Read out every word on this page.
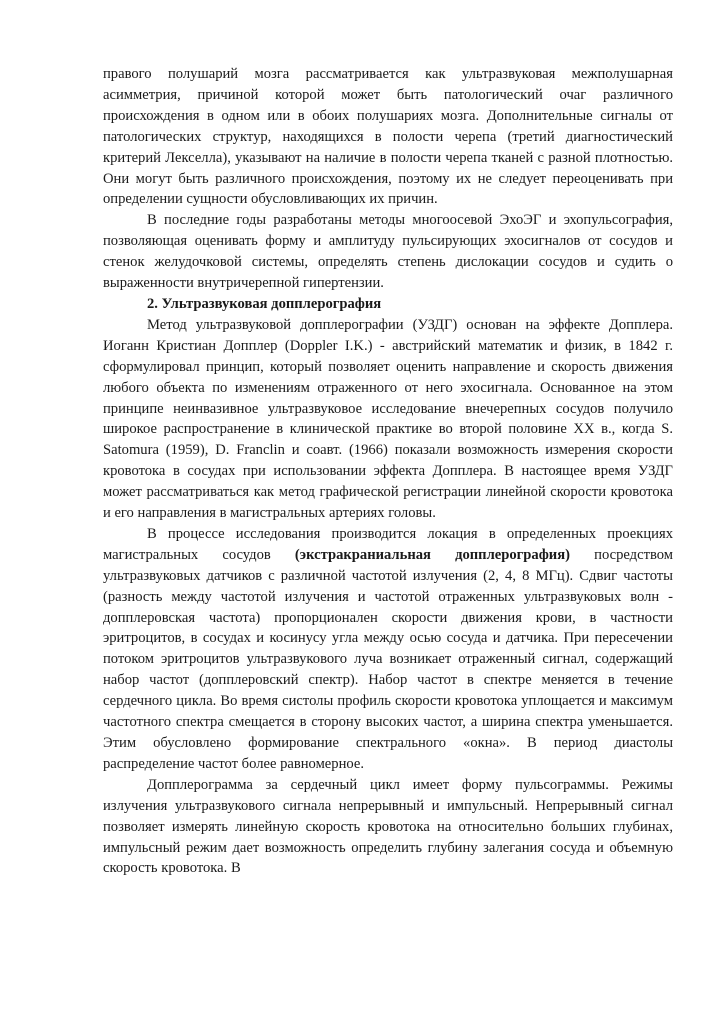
правого полушарий мозга рассматривается как ультразвуковая межполушарная асимметрия, причиной которой может быть патологический очаг различного происхождения в одном или в обоих полушариях мозга. Дополнительные сигналы от патологических структур, находящихся в полости черепа (третий диагностический критерий Лекселла), указывают на наличие в полости черепа тканей с разной плотностью. Они могут быть различного происхождения, поэтому их не следует переоценивать при определении сущности обусловливающих их причин.

В последние годы разработаны методы многоосевой ЭхоЭГ и эхопульсография, позволяющая оценивать форму и амплитуду пульсирующих эхосигналов от сосудов и стенок желудочковой системы, определять степень дислокации сосудов и судить о выраженности внутричерепной гипертензии.

2. Ультразвуковая допплерография

Метод ультразвуковой допплерографии (УЗДГ) основан на эффекте Допплера. Иоганн Кристиан Допплер (Doppler I.K.) - австрийский математик и физик, в 1842 г. сформулировал принцип, который позволяет оценить направление и скорость движения любого объекта по изменениям отраженного от него эхосигнала. Основанное на этом принципе неинвазивное ультразвуковое исследование внечерепных сосудов получило широкое распространение в клинической практике во второй половине XX в., когда S. Satomura (1959), D. Franclin и соавт. (1966) показали возможность измерения скорости кровотока в сосудах при использовании эффекта Допплера. В настоящее время УЗДГ может рассматриваться как метод графической регистрации линейной скорости кровотока и его направления в магистральных артериях головы.

В процессе исследования производится локация в определенных проекциях магистральных сосудов (экстракраниальная допплерография) посредством ультразвуковых датчиков с различной частотой излучения (2, 4, 8 МГц). Сдвиг частоты (разность между частотой излучения и частотой отраженных ультразвуковых волн - допплеровская частота) пропорционален скорости движения крови, в частности эритроцитов, в сосудах и косинусу угла между осью сосуда и датчика. При пересечении потоком эритроцитов ультразвукового луча возникает отраженный сигнал, содержащий набор частот (допплеровский спектр). Набор частот в спектре меняется в течение сердечного цикла. Во время систолы профиль скорости кровотока уплощается и максимум частотного спектра смещается в сторону высоких частот, а ширина спектра уменьшается. Этим обусловлено формирование спектрального «окна». В период диастолы распределение частот более равномерное.

Допплерограмма за сердечный цикл имеет форму пульсограммы. Режимы излучения ультразвукового сигнала непрерывный и импульсный. Непрерывный сигнал позволяет измерять линейную скорость кровотока на относительно больших глубинах, импульсный режим дает возможность определить глубину залегания сосуда и объемную скорость кровотока. В
